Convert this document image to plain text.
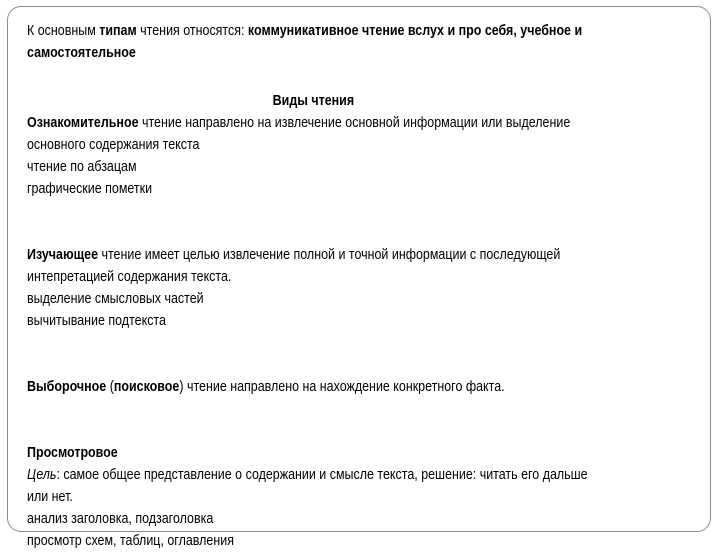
К основным типам чтения относятся: коммуникативное чтение вслух и про себя, учебное и
самостоятельное

Виды чтения

Ознакомительное чтение направлено на извлечение основной информации или выделение
основного содержания текста
чтение по абзацам
графические пометки

Изучающее чтение имеет целью извлечение полной и точной информации с последующей
интепретацией содержания текста.
выделение смысловых частей
вычитывание подтекста

Выборочное (поисковое) чтение направлено на нахождение конкретного факта.

Просмотровое
Цель: самое общее представление о содержании и смысле текста, решение: читать его дальше
или нет.
анализ заголовка, подзаголовка
просмотр схем, таблиц, оглавления
